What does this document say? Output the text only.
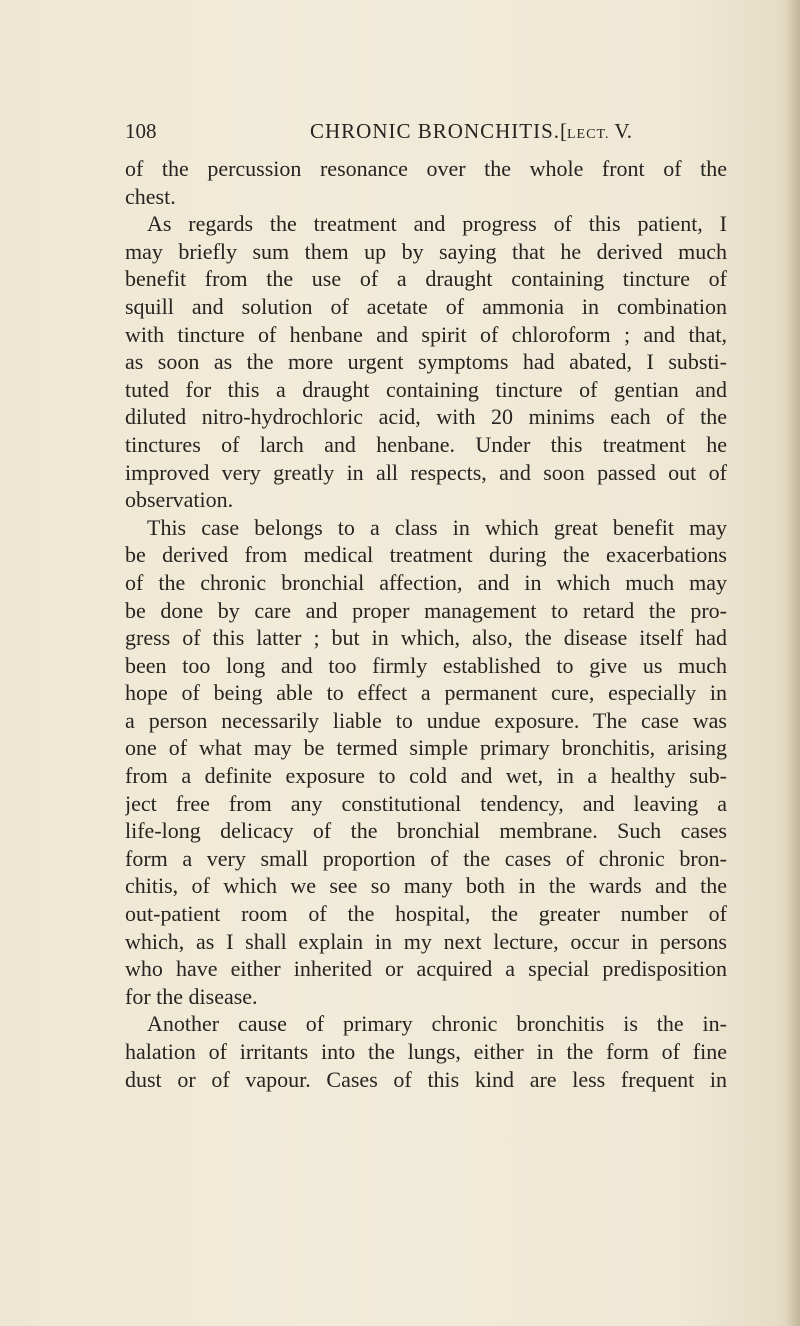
108	CHRONIC BRONCHITIS. [LECT. V.
of the percussion resonance over the whole front of the
chest.
As regards the treatment and progress of this patient, I
may briefly sum them up by saying that he derived much
benefit from the use of a draught containing tincture of
squill and solution of acetate of ammonia in combination
with tincture of henbane and spirit of chloroform ; and that,
as soon as the more urgent symptoms had abated, I substi-
tuted for this a draught containing tincture of gentian and
diluted nitro-hydrochloric acid, with 20 minims each of the
tinctures of larch and henbane. Under this treatment he
improved very greatly in all respects, and soon passed out of
observation.
This case belongs to a class in which great benefit may
be derived from medical treatment during the exacerbations
of the chronic bronchial affection, and in which much may
be done by care and proper management to retard the pro-
gress of this latter ; but in which, also, the disease itself had
been too long and too firmly established to give us much
hope of being able to effect a permanent cure, especially in
a person necessarily liable to undue exposure. The case was
one of what may be termed simple primary bronchitis, arising
from a definite exposure to cold and wet, in a healthy sub-
ject free from any constitutional tendency, and leaving a
life-long delicacy of the bronchial membrane. Such cases
form a very small proportion of the cases of chronic bron-
chitis, of which we see so many both in the wards and the
out-patient room of the hospital, the greater number of
which, as I shall explain in my next lecture, occur in persons
who have either inherited or acquired a special predisposition
for the disease.
Another cause of primary chronic bronchitis is the in-
halation of irritants into the lungs, either in the form of fine
dust or of vapour. Cases of this kind are less frequent in
